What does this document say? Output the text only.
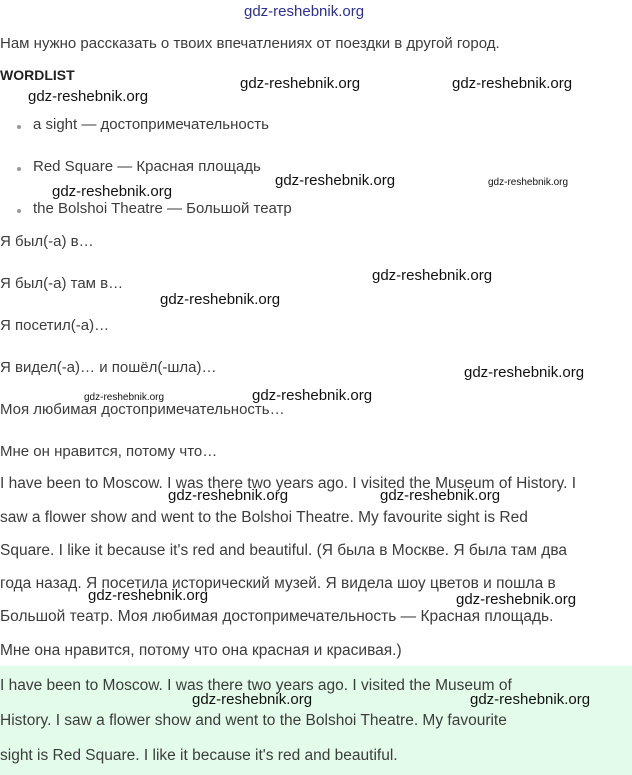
gdz-reshebnik.org
Нам нужно рассказать о твоих впечатлениях от поездки в другой город.
WORDLIST
a sight — достопримечательность
Red Square — Красная площадь
the Bolshoi Theatre — Большой театр
Я был(-а) в…
Я был(-а) там в…
Я посетил(-а)…
Я видел(-а)… и пошёл(-шла)…
Моя любимая достопримечательность…
Мне он нравится, потому что…
I have been to Moscow. I was there two years ago. I visited the Museum of History. I
saw a flower show and went to the Bolshoi Theatre. My favourite sight is Red
Square. I like it because it's red and beautiful. (Я была в Москве. Я была там два
года назад. Я посетила исторический музей. Я видела шоу цветов и пошла в
Большой театр. Моя любимая достопримечательность — Красная площадь.
Мне она нравится, потому что она красная и красивая.)
I have been to Moscow. I was there two years ago. I visited the Museum of
History. I saw a flower show and went to the Bolshoi Theatre. My favourite
sight is Red Square. I like it because it's red and beautiful.
gdz-reshebnik.org
gdz-reshebnik.org	gdz-reshebnik.org
gdz-reshebnik.org
gdz-reshebnik.org	gdz-reshebnik.org
gdz-reshebnik.org
gdz-reshebnik.org
gdz-reshebnik.org
gdz-reshebnik.org	gdz-reshebnik.org
gdz-reshebnik.org	gdz-reshebnik.org
gdz-reshebnik.org	gdz-reshebnik.org
gdz-reshebnik.org	gdz-reshebnik.org
